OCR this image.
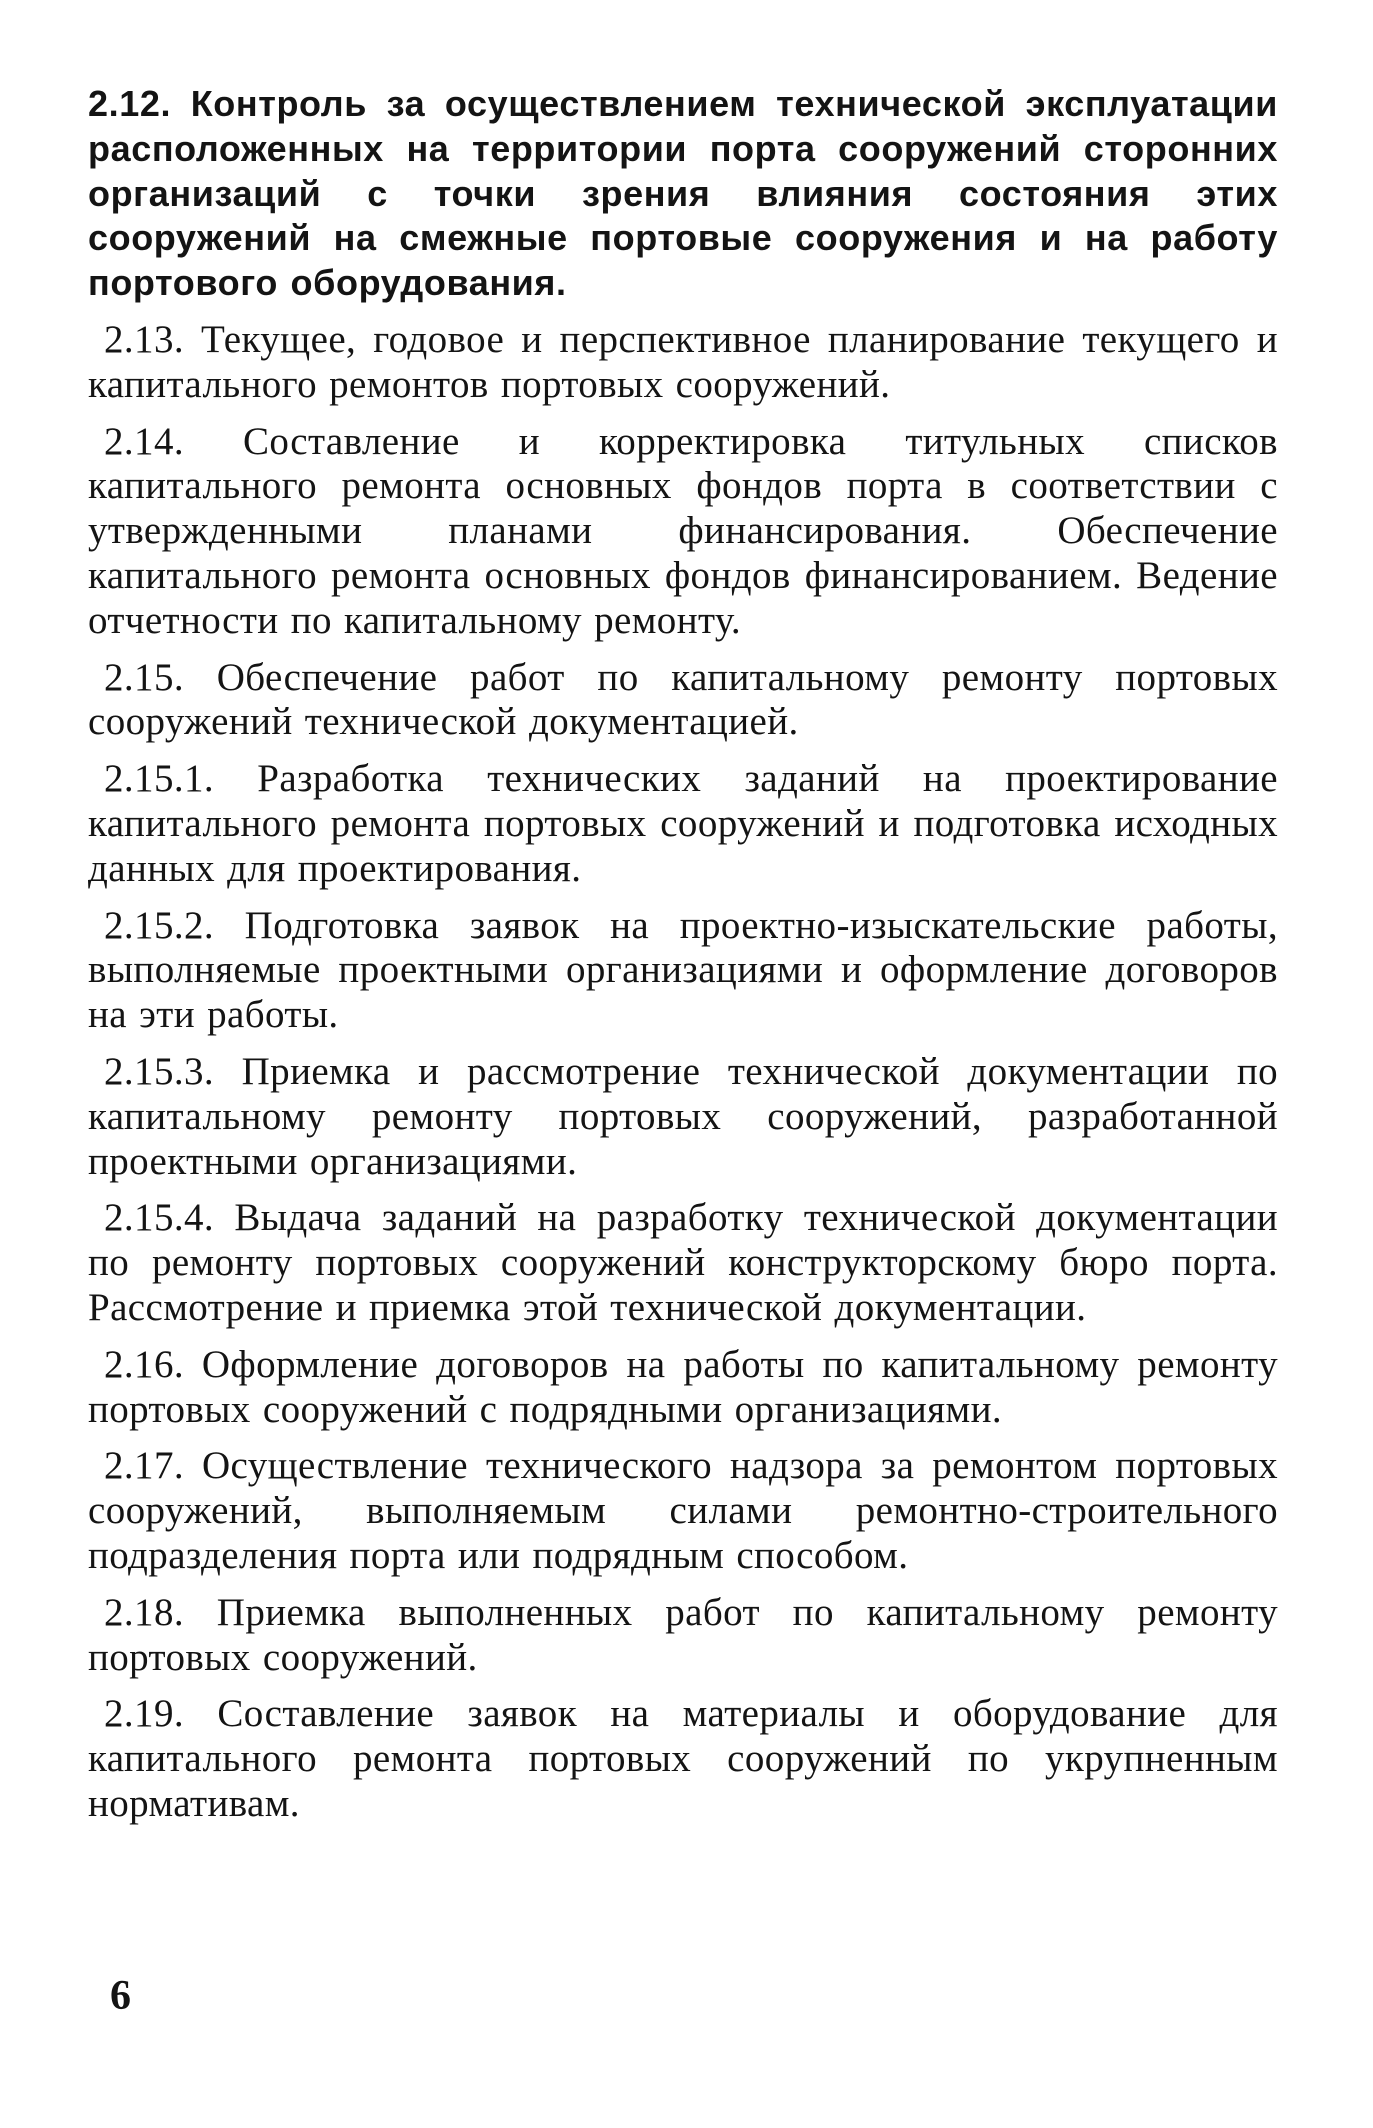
2.12. Контроль за осуществлением технической эксплуатации расположенных на территории порта сооружений сторонних организаций с точки зрения влияния состояния этих сооружений на смежные портовые сооружения и на работу портового оборудования.

2.13. Текущее, годовое и перспективное планирование текущего и капитального ремонтов портовых сооружений.

2.14. Составление и корректировка титульных списков капитального ремонта основных фондов порта в соответствии с утвержденными планами финансирования. Обеспечение капитального ремонта основных фондов финансированием. Ведение отчетности по капитальному ремонту.

2.15. Обеспечение работ по капитальному ремонту портовых сооружений технической документацией.

2.15.1. Разработка технических заданий на проектирование капитального ремонта портовых сооружений и подготовка исходных данных для проектирования.

2.15.2. Подготовка заявок на проектно-изыскательские работы, выполняемые проектными организациями и оформление договоров на эти работы.

2.15.3. Приемка и рассмотрение технической документации по капитальному ремонту портовых сооружений, разработанной проектными организациями.

2.15.4. Выдача заданий на разработку технической документации по ремонту портовых сооружений конструкторскому бюро порта. Рассмотрение и приемка этой технической документации.

2.16. Оформление договоров на работы по капитальному ремонту портовых сооружений с подрядными организациями.

2.17. Осуществление технического надзора за ремонтом портовых сооружений, выполняемым силами ремонтно-строительного подразделения порта или подрядным способом.

2.18. Приемка выполненных работ по капитальному ремонту портовых сооружений.

2.19. Составление заявок на материалы и оборудование для капитального ремонта портовых сооружений по укрупненным нормативам.

6
